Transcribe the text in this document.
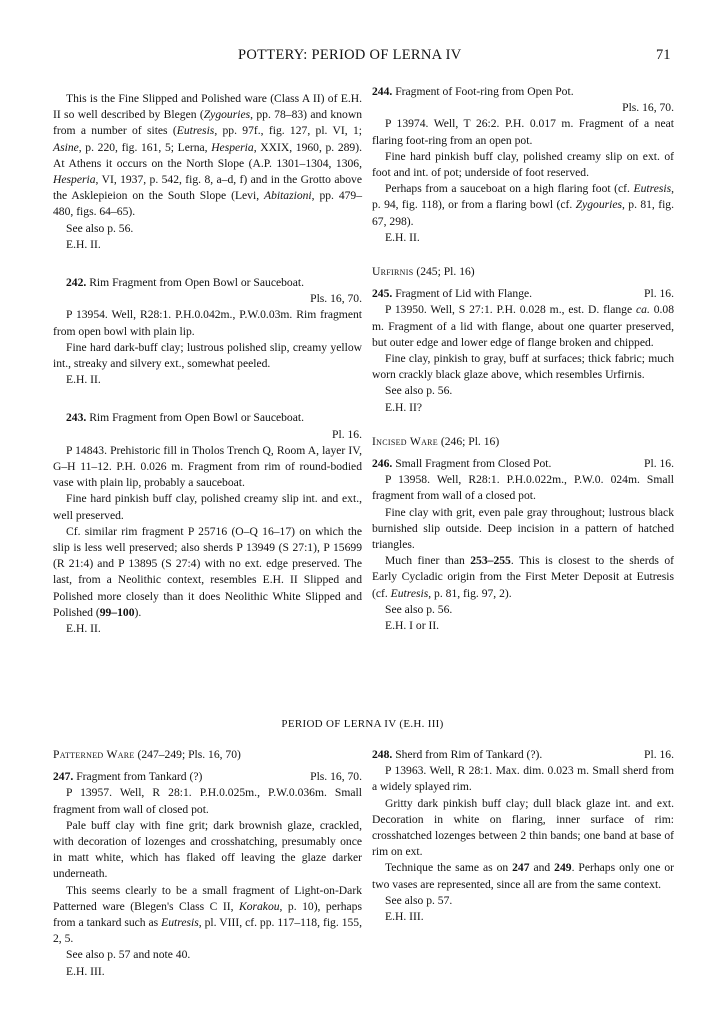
POTTERY: PERIOD OF LERNA IV	71

This is the Fine Slipped and Polished ware (Class A II) of E.H. II so well described by Blegen (Zygouries, pp. 78–83) and known from a number of sites (Eutresis, pp. 97f., fig. 127, pl. VI, 1; Asine, p. 220, fig. 161, 5; Lerna, Hesperia, XXIX, 1960, p. 289). At Athens it occurs on the North Slope (A.P. 1301–1304, 1306, Hesperia, VI, 1937, p. 542, fig. 8, a–d, f) and in the Grotto above the Asklepieion on the South Slope (Levi, Abitazioni, pp. 479–480, figs. 64–65).

See also p. 56.

E.H. II.

242. Rim Fragment from Open Bowl or Sauceboat.

Pls. 16, 70.

P 13954. Well, R28:1. P.H.0.042m., P.W.0.03m. Rim fragment from open bowl with plain lip.

Fine hard dark-buff clay; lustrous polished slip, creamy yellow int., streaky and silvery ext., somewhat peeled.

E.H. II.

243. Rim Fragment from Open Bowl or Sauceboat.

Pl. 16.

P 14843. Prehistoric fill in Tholos Trench Q, Room A, layer IV, G–H 11–12. P.H. 0.026 m. Fragment from rim of round-bodied vase with plain lip, probably a sauceboat.

Fine hard pinkish buff clay, polished creamy slip int. and ext., well preserved.

Cf. similar rim fragment P 25716 (O–Q 16–17) on which the slip is less well preserved; also sherds P 13949 (S 27:1), P 15699 (R 21:4) and P 13895 (S 27:4) with no ext. edge preserved. The last, from a Neolithic context, resembles E.H. II Slipped and Polished more closely than it does Neolithic White Slipped and Polished (99–100).

E.H. II.

244. Fragment of Foot-ring from Open Pot.

Pls. 16, 70.

P 13974. Well, T 26:2. P.H. 0.017 m. Fragment of a neat flaring foot-ring from an open pot.

Fine hard pinkish buff clay, polished creamy slip on ext. of foot and int. of pot; underside of foot reserved.

Perhaps from a sauceboat on a high flaring foot (cf. Eutresis, p. 94, fig. 118), or from a flaring bowl (cf. Zygouries, p. 81, fig. 67, 298).

E.H. II.

Urfirnis (245; Pl. 16)

245. Fragment of Lid with Flange.	Pl. 16.

P 13950. Well, S 27:1. P.H. 0.028 m., est. D. flange ca. 0.08 m. Fragment of a lid with flange, about one quarter preserved, but outer edge and lower edge of flange broken and chipped.

Fine clay, pinkish to gray, buff at surfaces; thick fabric; much worn crackly black glaze above, which resembles Urfirnis.

See also p. 56.

E.H. II?

Incised Ware (246; Pl. 16)

246. Small Fragment from Closed Pot.	Pl. 16.

P 13958. Well, R28:1. P.H.0.022m., P.W.0. 024m. Small fragment from wall of a closed pot.

Fine clay with grit, even pale gray throughout; lustrous black burnished slip outside. Deep incision in a pattern of hatched triangles.

Much finer than 253–255. This is closest to the sherds of Early Cycladic origin from the First Meter Deposit at Eutresis (cf. Eutresis, p. 81, fig. 97, 2).

See also p. 56.

E.H. I or II.

PERIOD OF LERNA IV (E.H. III)

Patterned Ware (247–249; Pls. 16, 70)

247. Fragment from Tankard (?)	Pls. 16, 70.

P 13957. Well, R 28:1. P.H.0.025m., P.W.0.036m. Small fragment from wall of closed pot.

Pale buff clay with fine grit; dark brownish glaze, crackled, with decoration of lozenges and crosshatching, presumably once in matt white, which has flaked off leaving the glaze darker underneath.

This seems clearly to be a small fragment of Light-on-Dark Patterned ware (Blegen's Class C II, Korakou, p. 10), perhaps from a tankard such as Eutresis, pl. VIII, cf. pp. 117–118, fig. 155, 2, 5.

See also p. 57 and note 40.

E.H. III.

248. Sherd from Rim of Tankard (?).	Pl. 16.

P 13963. Well, R 28:1. Max. dim. 0.023 m. Small sherd from a widely splayed rim.

Gritty dark pinkish buff clay; dull black glaze int. and ext. Decoration in white on flaring, inner surface of rim: crosshatched lozenges between 2 thin bands; one band at base of rim on ext.

Technique the same as on 247 and 249. Perhaps only one or two vases are represented, since all are from the same context.

See also p. 57.

E.H. III.
